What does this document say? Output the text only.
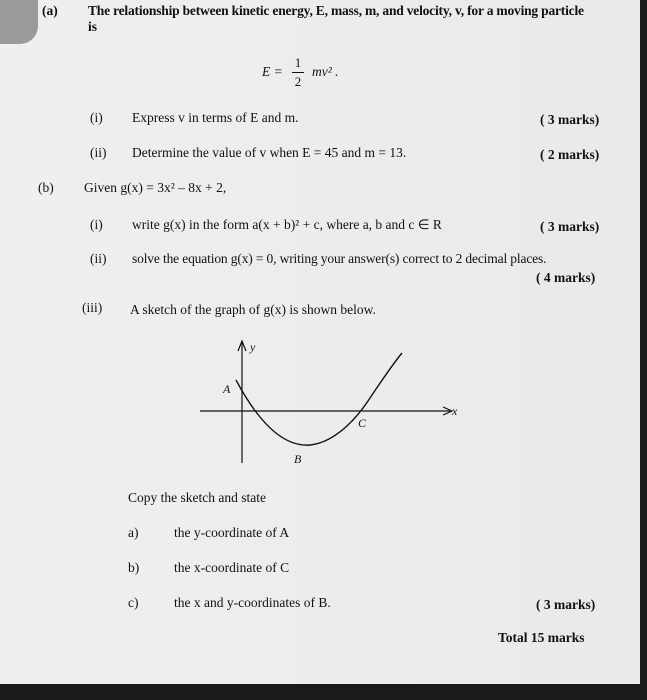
(a) The relationship between kinetic energy, E, mass, m, and velocity, v, for a moving particle
is
E =
1
2
mv² .
(i) Express v in terms of E and m.	( 3 marks)
(ii) Determine the value of v when E = 45 and m = 13.	( 2 marks)
(b) Given g(x) = 3x² – 8x + 2,
(i) write g(x) in the form a(x + b)² + c, where a, b and c ∈ R	( 3 marks)
(ii) solve the equation g(x) = 0, writing your answer(s) correct to 2 decimal places.
( 4 marks)
(iii) A sketch of the graph of g(x) is shown below.
y
x
A
B
C
Copy the sketch and state
a)	the y-coordinate of A
b)	the x-coordinate of C
c)	the x and y-coordinates of B.	( 3 marks)
Total 15 marks
